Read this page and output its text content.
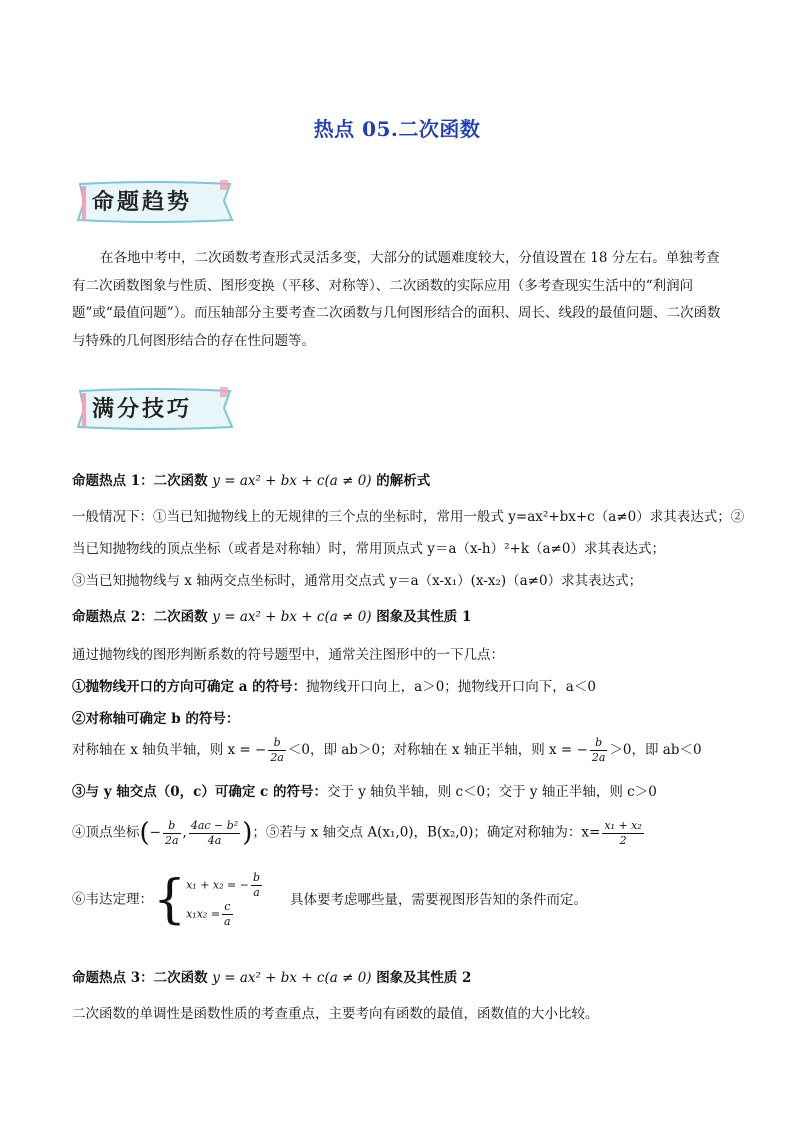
热点 05.二次函数
命题趋势
在各地中考中，二次函数考查形式灵活多变，大部分的试题难度较大，分值设置在 18 分左右。单独考查有二次函数图象与性质、图形变换（平移、对称等）、二次函数的实际应用（多考查现实生活中的“利润问题”或“最值问题”）。而压轴部分主要考查二次函数与几何图形结合的面积、周长、线段的最值问题、二次函数与特殊的几何图形结合的存在性问题等。
满分技巧
命题热点 1：二次函数 y = ax² + bx + c(a ≠ 0) 的解析式
一般情况下：①当已知抛物线上的无规律的三个点的坐标时，常用一般式 y=ax²+bx+c（a≠0）求其表达式；②
当已知抛物线的顶点坐标（或者是对称轴）时，常用顶点式 y＝a（x-h）²+k（a≠0）求其表达式；
③当已知抛物线与 x 轴两交点坐标时，通常用交点式 y＝a（x-x₁）(x-x₂)（a≠0）求其表达式；
命题热点 2：二次函数 y = ax² + bx + c(a ≠ 0) 图象及其性质 1
通过抛物线的图形判断系数的符号题型中，通常关注图形中的一下几点：
①抛物线开口的方向可确定 a 的符号：抛物线开口向上，a＞0；抛物线开口向下，a＜0
②对称轴可确定 b 的符号：
对称轴在 x 轴负半轴，则 x = − $\frac{b}{2a} <0$，即 ab＞0；对称轴在 x 轴正半轴，则 x = − $\frac{b}{2a} >0$，即 ab＜0
③与 y 轴交点（0，c）可确定 c 的符号：交于 y 轴负半轴，则 c＜0；交于 y 轴正半轴，则 c＞0
④顶点坐标(− $\frac{b}{2a}$ , $\frac{\text{4ac − b²}}{4a}$ )；⑤若与 x 轴交点 A(x₁,0)，B(x₂,0)；确定对称轴为：$x= \frac{\text{x₁ + x₂}}{2}$
⑥韦达定理：{ x₁ + x₂ = − $\frac{b}{a}$
$x_1x_2 = \frac{c}{a}$
具体要考虑哪些量，需要视图形告知的条件而定。
命题热点 3：二次函数 y = ax² + bx + c(a ≠ 0) 图象及其性质 2
二次函数的单调性是函数性质的考查重点，主要考向有函数的最值，函数值的大小比较。
